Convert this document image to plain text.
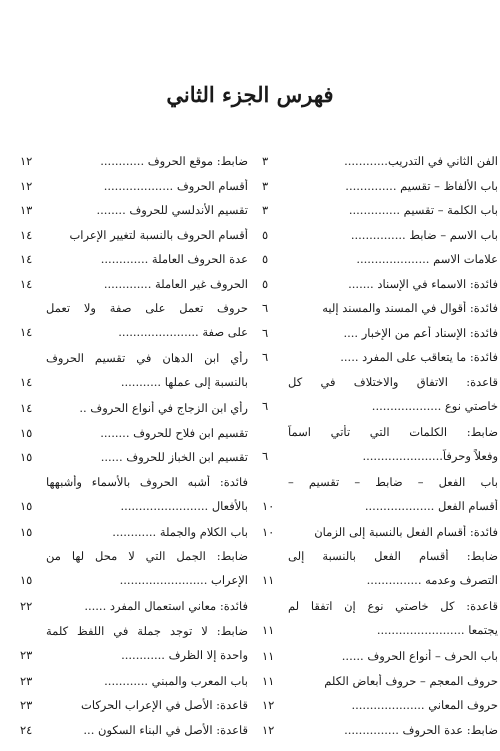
فهرس الجزء الثاني
الفن الثاني في التدريب............
٣
باب الألفاظ – تقسيم ..............
٣
باب الكلمة – تقسيم ..............
٣
باب الاسم – ضابط ...............
٥
علامات الاسم ....................
٥
فائدة: الاسماء في الإسناد .......
٥
فائدة: أقوال في المسند والمسند إليه
٦
فائدة: الإسناد أعم من الإخبار ....
٦
فائدة: ما يتعاقب على المفرد .....
٦
قاعدة: الاتفاق والاختلاف في كل
خاصتي نوع ...................
٦
ضابط: الكلمات التي تأتي اسماً
وفعلاً وحرفاً......................
٦
باب الفعل – ضابط – تقسيم –
أقسام الفعل ...................
١٠
فائدة: أقسام الفعل بالنسبة إلى الزمان
١٠
ضابط: أقسام الفعل بالنسبة إلى
التصرف وعدمه ...............
١١
قاعدة: كل خاصتي نوع إن اتفقا لم
يجتمعا ........................
١١
باب الحرف – أنواع الحروف ......
١١
حروف المعجم – حروف أبعاض الكلم
١١
حروف المعاني ....................
١٢
ضابط: عدة الحروف ...............
١٢
ضابط: موقع الحروف ............
١٢
أقسام الحروف ...................
١٢
تقسيم الأندلسي للحروف ........
١٣
أقسام الحروف بالنسبة لتغيير الإعراب
١٤
عدة الحروف العاملة .............
١٤
الحروف غير العاملة .............
١٤
حروف تعمل على صفة ولا تعمل
على صفة ......................
١٤
رأي ابن الدهان في تقسيم الحروف
بالنسبة إلى عملها ...........
١٤
رأي ابن الزجاج في أنواع الحروف ..
١٤
تقسيم ابن فلاح للحروف ........
١٥
تقسيم ابن الخباز للحروف ......
١٥
فائدة: أشبه الحروف بالأسماء وأشبهها
بالأفعال ........................
١٥
باب الكلام والجملة ............
١٥
ضابط: الجمل التي لا محل لها من
الإعراب ........................
١٥
فائدة: معاني استعمال المفرد ......
٢٢
ضابط: لا توجد جملة في اللفظ كلمة
واحدة إلا الظرف ............
٢٣
باب المعرب والمبني ............
٢٣
قاعدة: الأصل في الإعراب الحركات
٢٣
قاعدة: الأصل في البناء السكون ...
٢٤
